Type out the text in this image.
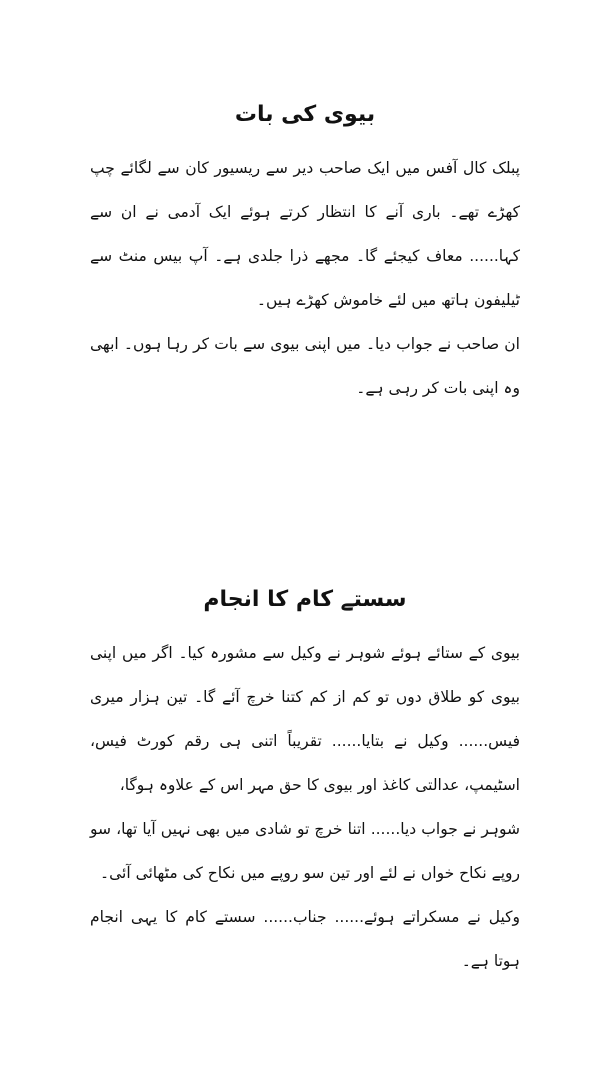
بیوی کی بات

پبلک کال آفس میں ایک صاحب دیر سے ریسیور کان سے لگائے چپ کھڑے تھے۔ باری آنے کا انتظار کرتے ہوئے ایک آدمی نے ان سے کہا...... معاف کیجئے گا۔ مجھے ذرا جلدی ہے۔ آپ بیس منٹ سے ٹیلیفون ہاتھ میں لئے خاموش کھڑے ہیں۔

ان صاحب نے جواب دیا۔ میں اپنی بیوی سے بات کر رہا ہوں۔ ابھی وہ اپنی بات کر رہی ہے۔

سستے کام کا انجام

بیوی کے ستائے ہوئے شوہر نے وکیل سے مشورہ کیا۔ اگر میں اپنی بیوی کو طلاق دوں تو کم از کم کتنا خرچ آئے گا۔ تین ہزار میری فیس...... وکیل نے بتایا...... تقریباً اتنی ہی رقم کورٹ فیس، اسٹیمپ، عدالتی کاغذ اور بیوی کا حق مہر اس کے علاوہ ہوگا،

شوہر نے جواب دیا...... اتنا خرچ تو شادی میں بھی نہیں آیا تھا، سو روپے نکاح خواں نے لئے اور تین سو روپے میں نکاح کی مٹھائی آئی۔

وکیل نے مسکراتے ہوئے...... جناب...... سستے کام کا یہی انجام ہوتا ہے۔
